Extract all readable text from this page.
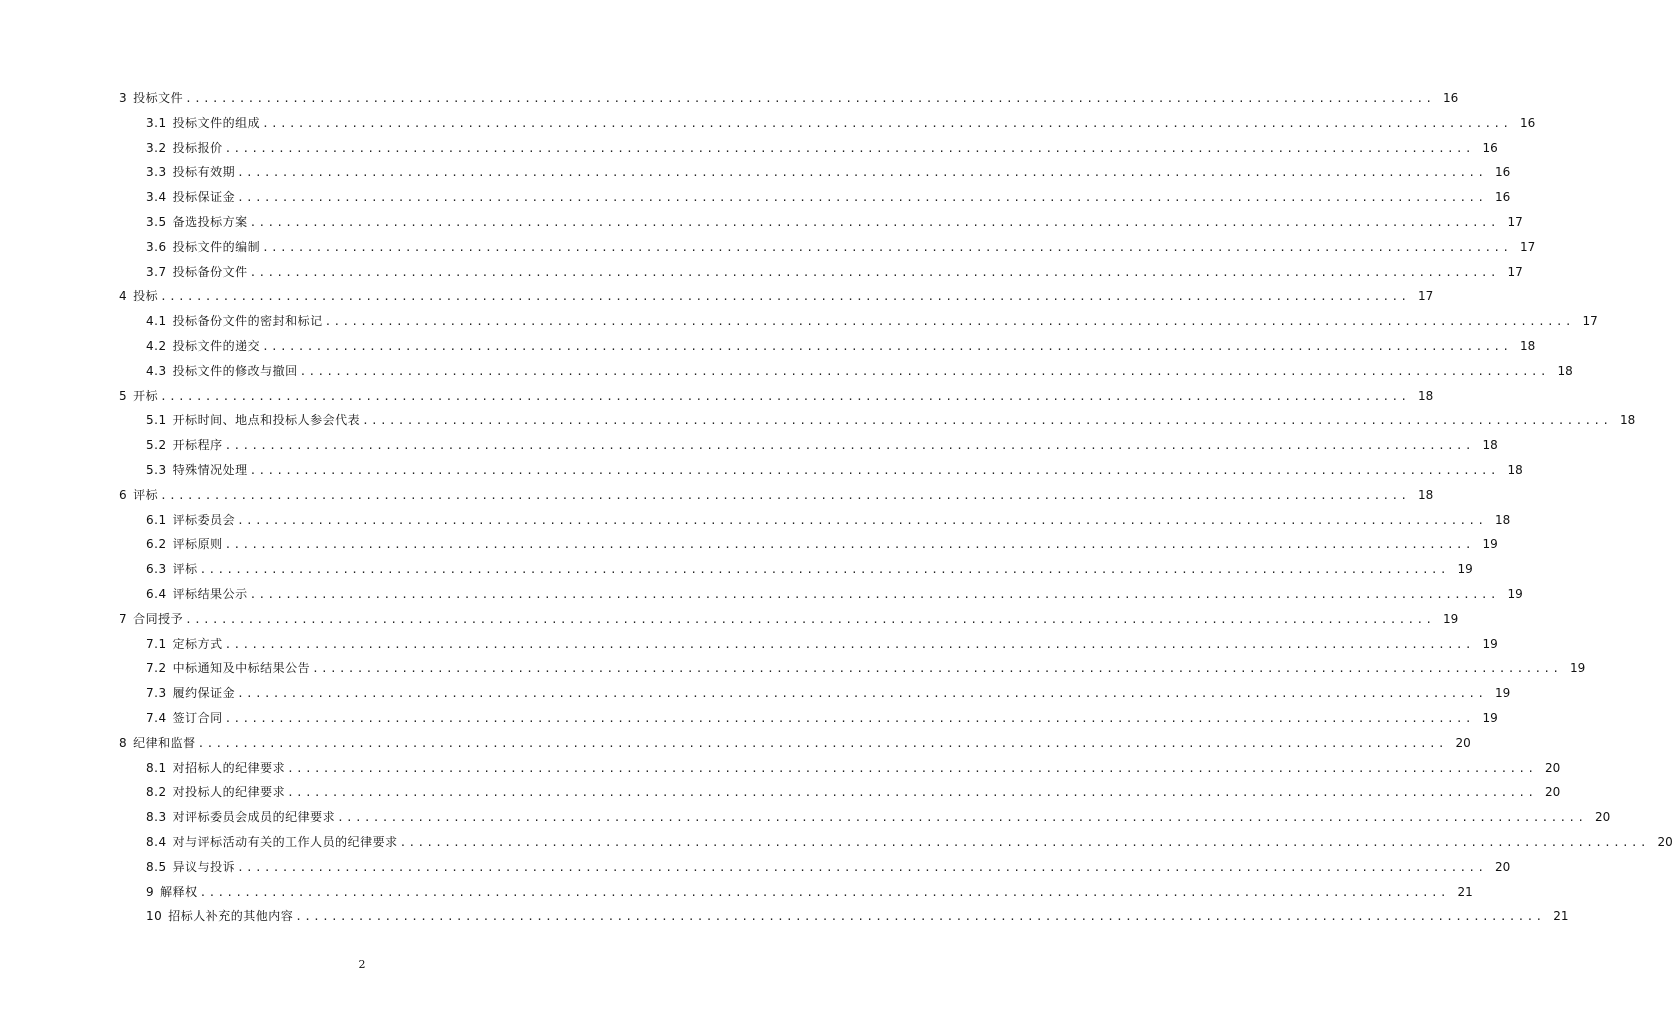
3 投标文件 ............................................................................................................................................ 16
3.1 投标文件的组成 ............................................................................................................................................ 16
3.2 投标报价 ............................................................................................................................................ 16
3.3 投标有效期 ............................................................................................................................................ 16
3.4 投标保证金 ............................................................................................................................................ 16
3.5 备选投标方案 ............................................................................................................................................ 17
3.6 投标文件的编制 ............................................................................................................................................ 17
3.7 投标备份文件 ............................................................................................................................................ 17
4 投标 ............................................................................................................................................ 17
4.1 投标备份文件的密封和标记 ............................................................................................................................................ 17
4.2 投标文件的递交 ............................................................................................................................................ 18
4.3 投标文件的修改与撤回 ............................................................................................................................................ 18
5 开标 ............................................................................................................................................ 18
5.1 开标时间、地点和投标人参会代表 ............................................................................................................................................ 18
5.2 开标程序 ............................................................................................................................................ 18
5.3 特殊情况处理 ............................................................................................................................................ 18
6 评标 ............................................................................................................................................ 18
6.1 评标委员会 ............................................................................................................................................ 18
6.2 评标原则 ............................................................................................................................................ 19
6.3 评标 ............................................................................................................................................ 19
6.4 评标结果公示 ............................................................................................................................................ 19
7 合同授予 ............................................................................................................................................ 19
7.1 定标方式 ............................................................................................................................................ 19
7.2 中标通知及中标结果公告 ............................................................................................................................................ 19
7.3 履约保证金 ............................................................................................................................................ 19
7.4 签订合同 ............................................................................................................................................ 19
8 纪律和监督 ............................................................................................................................................ 20
8.1 对招标人的纪律要求 ............................................................................................................................................ 20
8.2 对投标人的纪律要求 ............................................................................................................................................ 20
8.3 对评标委员会成员的纪律要求 ............................................................................................................................................ 20
8.4 对与评标活动有关的工作人员的纪律要求 ............................................................................................................................................ 20
8.5 异议与投诉 ............................................................................................................................................ 20
9 解释权 ............................................................................................................................................ 21
10 招标人补充的其他内容 ............................................................................................................................................ 21
2
